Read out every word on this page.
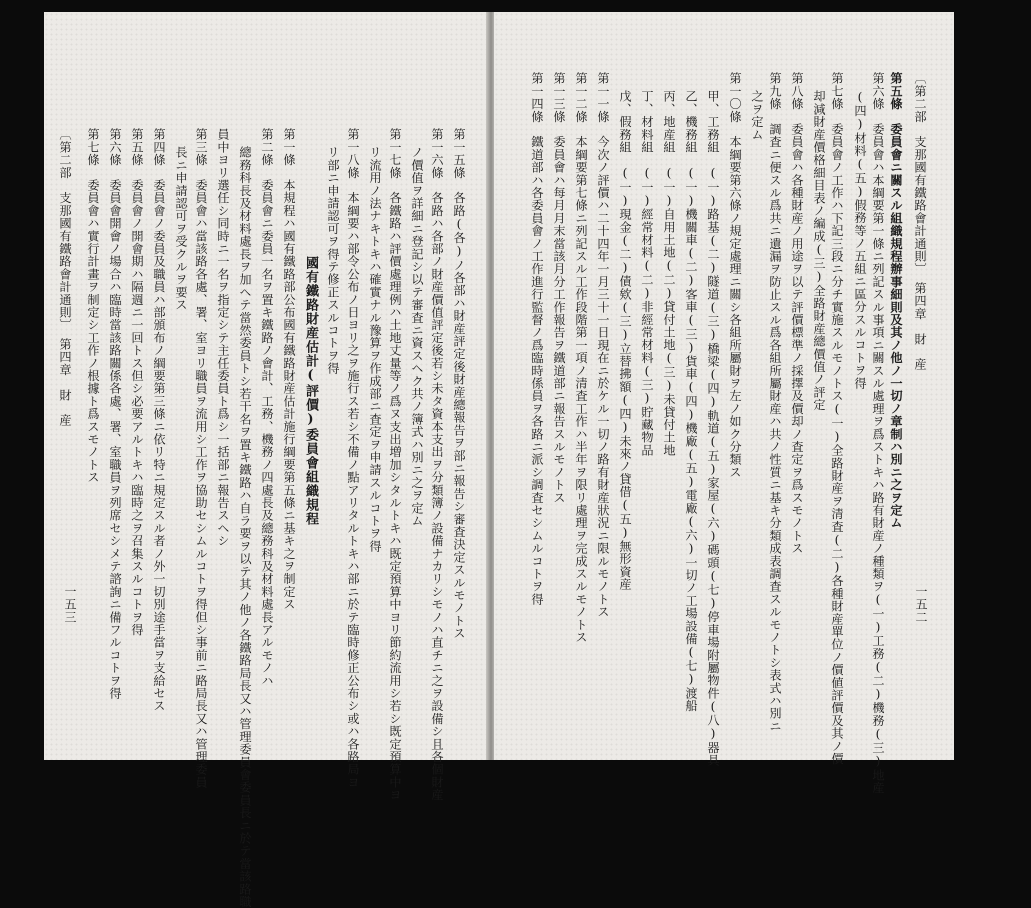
第一五條　各路(各)ノ各部ハ財産評定後財産總報告ヲ部ニ報告シ審査決定スルモノトス
第一六條　各路ハ各部ノ財産價值評定後若シ未タ資本支出ヲ分類簿ノ設備ナカリシモノハ直チニ之ヲ設備シ且各個財産
ノ價值ヲ詳細ニ登記シ以テ審査ニ資スヘク共ノ簿式ハ別ニ之ヲ定ム
第一七條　各鐵路ハ評價處理例ハ土地丈量等ノ爲ヌ支出増加シタルトキハ既定預算中ヨリ節約流用シ若シ既定預算中ヨ
リ流用ノ法ナキトキハ確實ナル豫算ヲ作成部ニ査定ヲ申請スルコトヲ得
第一八條　本綱要ハ部令公布ノ日ヨリ之ヲ施行ス若シ不備ノ點アリタルトキハ部ニ於テ臨時修正公布シ或ハ各路局ヨ
リ部ニ申請認可ヲ得テ修正スルコトヲ得
國有鐵路財産估計(評價)委員會組織規程
第一條　本規程ハ國有鐵路部公布國有鐵路財産估計施行綱要第五條ニ基キ之ヲ制定ス
第二條　委員會ニ委員一名ヲ置キ鐵路ノ會計、工務、機務ノ四處長及總務科及材料處長アルモノハ
總務科長及材料處長ヲ加ヘテ當然委員トシ若干名ヲ置キ鐵路ハ自ラ要ヲ以テ其ノ他ノ各鐵路局長又ハ管理委員會委員長ニ於テ當該路職
員中ヨリ選任シ同時ニ一名ヲ指定シテ主任委員ト爲シ一括部ニ報告スヘシ
第三條　委員會ハ當該路各處、署、室ヨリ職員ヲ流用シ工作ヲ協助セシムルコトヲ得但シ事前ニ路局長又ハ管理委員
長ニ申請認可ヲ受クルヲ要ス
第四條　委員會ノ委員及職員ハ部頒布ノ綱要第三條ニ依リ特ニ規定スル者ノ外一切別途手當ヲ支給セス
第五條　委員會ノ開會期ハ隔週ニ一回トス但シ必要アルトキハ臨時之ヲ召集スルコトヲ得
第六條　委員會開會ノ場合ハ臨時當該路關係各處、署、室職員ヲ列席セシメテ諮詢ニ備フルコトヲ得
第七條　委員會ハ實行計畫ヲ制定シ工作ノ根據ト爲スモノトス
〔第二部　支那國有鐵路會計通則〕　第四章　財　産
一五三
〔第二部　支那國有鐵路會計通則〕　第四章　財　産
第五條　委員會ニ關スル組織規程辦事細則及其ノ他ノ一切ノ章制ハ別ニ之ヲ定ム
第六條　委員會ハ本綱要第一條ニ列記スル事項ニ關スル處理ヲ爲ストキハ路有財産ノ種類ヲ(一)工務(二)機務(三)地産
(四)材料(五)假務等ノ五組ニ區分スルコトヲ得
第七條　委員會ノ工作ハ下記三段ニ分チ實施スルモノトス(一)全路財産ヲ清査(二)各種財産單位ノ價値評價及其ノ價
却減財産價格細目表ノ編成(三)全路財産總價值ノ評定
第八條　委員會ハ各種財産ノ用途ヲ以テ評價標準ノ採擇及價却ノ査定ヲ爲スモノトス
第九條　調査ニ便スル爲共ニ遺漏ヲ防止スル爲各組所屬財産ハ共ノ性質ニ基キ分類成表調査スルモノトシ表式ハ別ニ
之ヲ定ム
第一〇條　本綱要第六條ノ規定處理ニ關シ各組所屬財ヲ左ノ如ク分類ス
甲、工務組　(一)路基(二)隧道(三)橋梁(四)軌道(五)家屋(六)碼頭(七)停車場附屬物件(八)器具
乙、機務組　(一)機關車(二)客車(三)貨車(四)機廠(五)電廠(六)一切ノ工場設備(七)渡船
丙、地産組　(一)自用土地(二)貸付土地(三)未貸付土地
丁、材料組　(一)經常材料(二)非經常材料(三)貯藏物品
戊、假務組　(一)現金(二)債欸(三)立替拂額(四)未來ノ貸借(五)無形資産
第一一條　今次ノ評價ハ二十四年一月三十一日現在ニ於ケル一切ノ路有財産狀況ニ限ルモノトス
第一二條　本綱要第七條ニ列記スル工作段階第一項ノ清査工作ハ半年ヲ限リ處理ヲ完成スルモノトス
第一三條　委員會ハ每月月末當該月分工作報告ヲ鐵道部ニ報告スルモノトス
第一四條　鐵道部ハ各委員會ノ工作進行監督ノ爲臨時係員ヲ各路ニ派シ調査セシムルコトヲ得	一五二
